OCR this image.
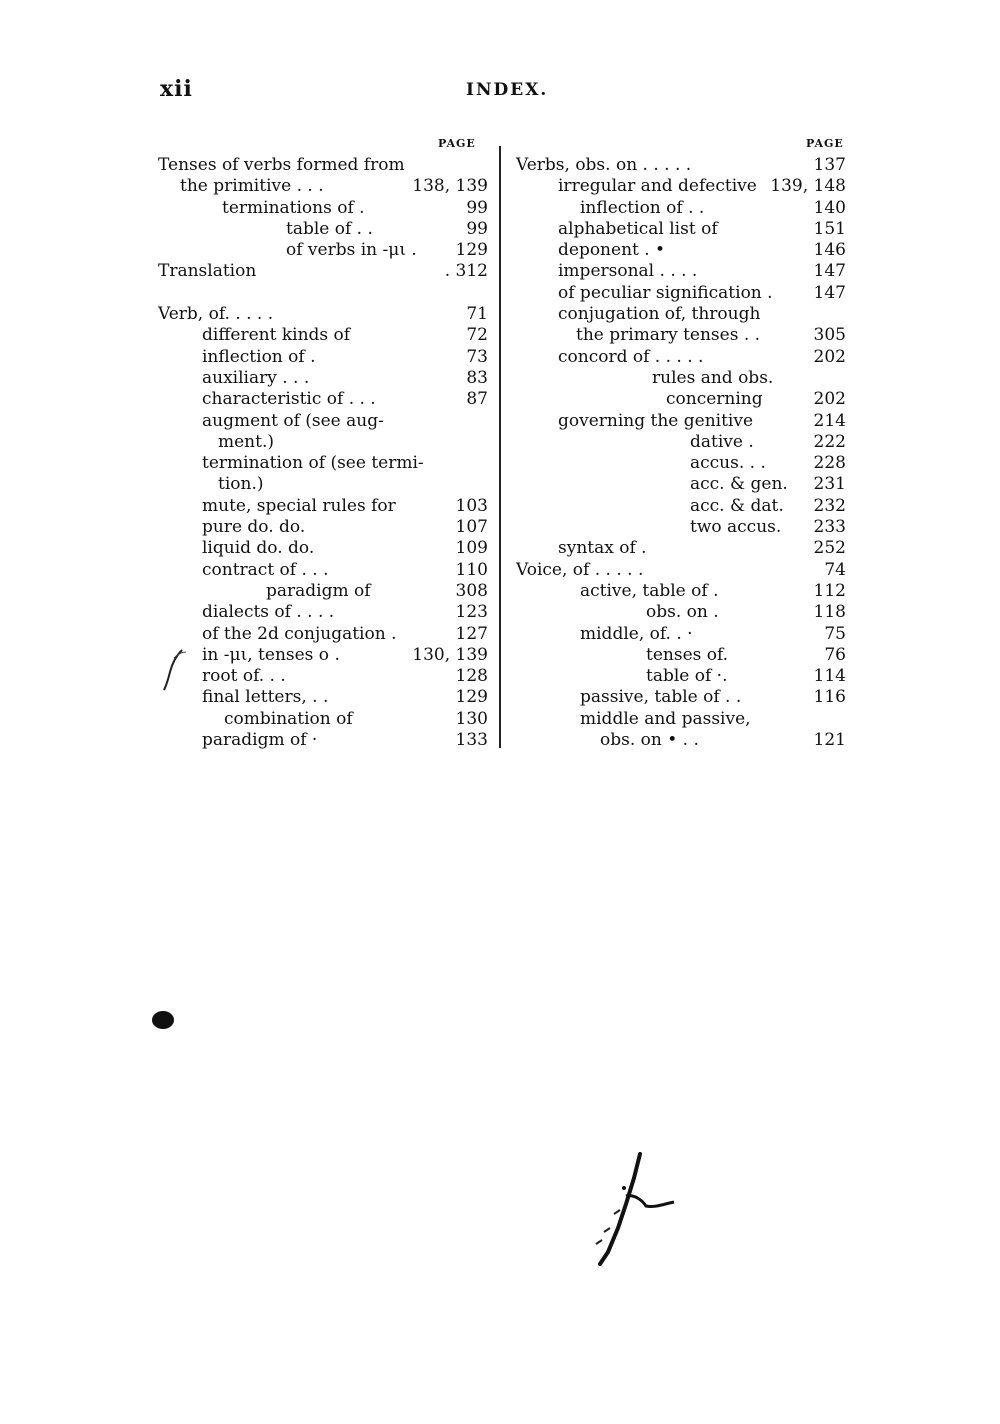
xii	INDEX.
PAGE	PAGE
Tenses of verbs formed from
the primitive . . .	138, 139
terminations of .	99
table of . .	99
of verbs in -μι . 129
Translation	. 312
Verb, of. . . . .	71
different kinds of	72
inflection of .	73
auxiliary . . .	83
characteristic of . . .	87
augment of (see aug-
ment.)
termination of (see termi-
tion.)
mute, special rules for	103
pure do. do.	107
liquid do. do.	109
contract of . . .	110
paradigm of	308
dialects of . . . .	123
of the 2d conjugation .	127
in -μι, tenses o .	130, 139
root of. . .	128
final letters, . .	129
combination of	130
paradigm of ·	133
Verbs, obs. on . . . . .	137
irregular and defective 139, 148
inflection of . .	140
alphabetical list of	151
deponent . •	146
impersonal . . . .	147
of peculiar signification . 147
conjugation of, through
the primary tenses . .	305
concord of . . . . .	202
rules and obs.
concerning	202
governing the genitive	214
dative .	222
accus. . .	228
acc. & gen. 231
acc. & dat. 232
two accus. 233
syntax of .	252
Voice, of . . . . .	74
active, table of .	112
obs. on .	118
middle, of. . ·	75
tenses of.	76
table of ·.	114
passive, table of . .	116
middle and passive,
obs. on • . .	121
